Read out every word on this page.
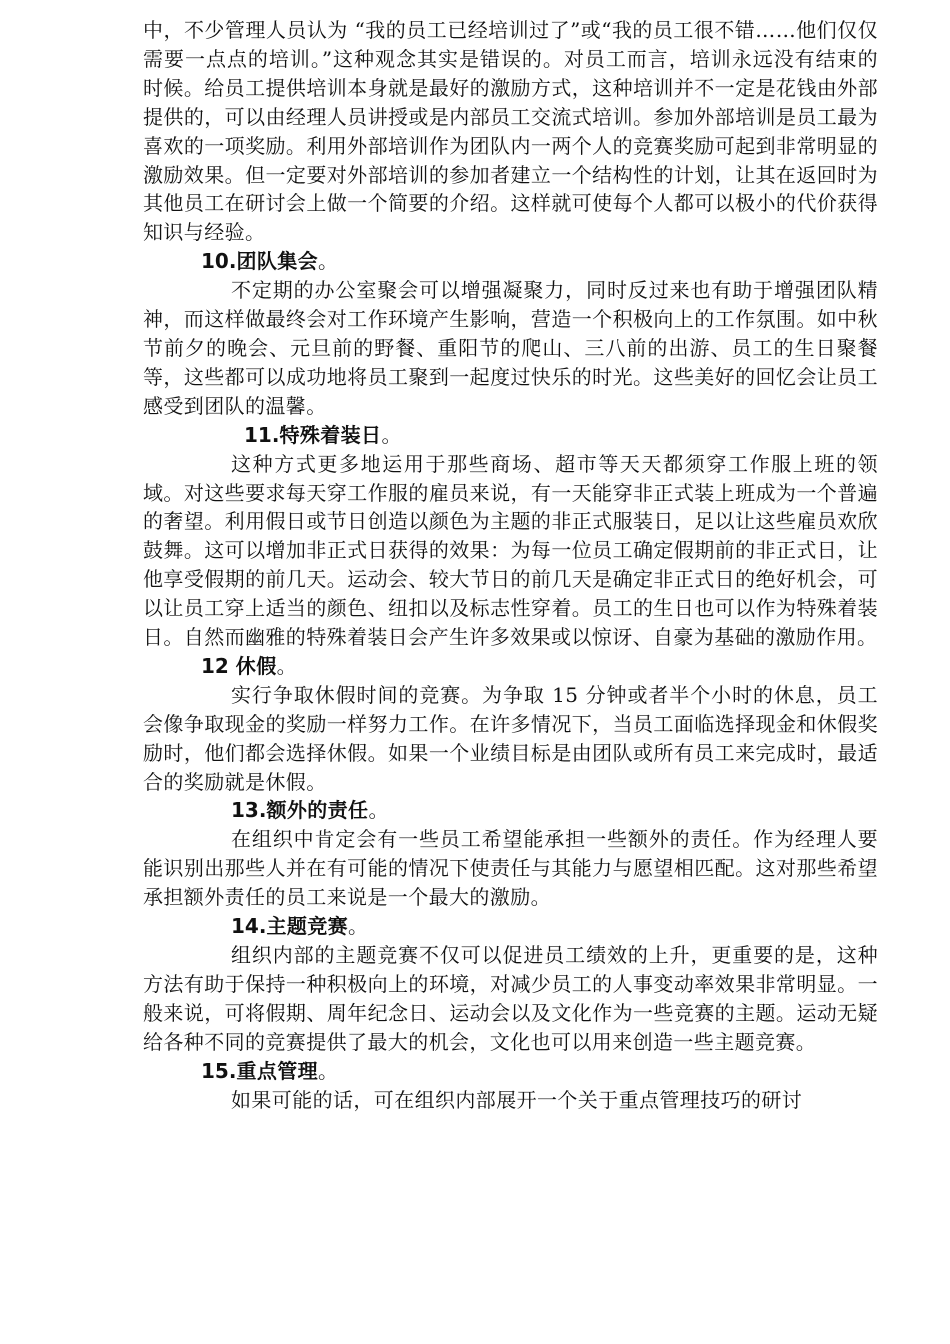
中，不少管理人员认为 “我的员工已经培训过了”或“我的员工很不错……他们仅仅需要一点点的培训。”这种观念其实是错误的。对员工而言，培训永远没有结束的时候。给员工提供培训本身就是最好的激励方式，这种培训并不一定是花钱由外部提供的，可以由经理人员讲授或是内部员工交流式培训。参加外部培训是员工最为喜欢的一项奖励。利用外部培训作为团队内一两个人的竞赛奖励可起到非常明显的激励效果。但一定要对外部培训的参加者建立一个结构性的计划，让其在返回时为其他员工在研讨会上做一个简要的介绍。这样就可使每个人都可以极小的代价获得知识与经验。

10.团队集会。

不定期的办公室聚会可以增强凝聚力，同时反过来也有助于增强团队精神，而这样做最终会对工作环境产生影响，营造一个积极向上的工作氛围。如中秋节前夕的晚会、元旦前的野餐、重阳节的爬山、三八前的出游、员工的生日聚餐等，这些都可以成功地将员工聚到一起度过快乐的时光。这些美好的回忆会让员工感受到团队的温馨。

11.特殊着装日。

这种方式更多地运用于那些商场、超市等天天都须穿工作服上班的领域。对这些要求每天穿工作服的雇员来说，有一天能穿非正式装上班成为一个普遍的奢望。利用假日或节日创造以颜色为主题的非正式服装日，足以让这些雇员欢欣鼓舞。这可以增加非正式日获得的效果：为每一位员工确定假期前的非正式日，让他享受假期的前几天。运动会、较大节日的前几天是确定非正式日的绝好机会，可以让员工穿上适当的颜色、纽扣以及标志性穿着。员工的生日也可以作为特殊着装日。自然而幽雅的特殊着装日会产生许多效果或以惊讶、自豪为基础的激励作用。

12 休假。

实行争取休假时间的竞赛。为争取 15 分钟或者半个小时的休息，员工会像争取现金的奖励一样努力工作。在许多情况下，当员工面临选择现金和休假奖励时，他们都会选择休假。如果一个业绩目标是由团队或所有员工来完成时，最适合的奖励就是休假。

13.额外的责任。

在组织中肯定会有一些员工希望能承担一些额外的责任。作为经理人要能识别出那些人并在有可能的情况下使责任与其能力与愿望相匹配。这对那些希望承担额外责任的员工来说是一个最大的激励。

14.主题竞赛。

组织内部的主题竞赛不仅可以促进员工绩效的上升，更重要的是，这种方法有助于保持一种积极向上的环境，对减少员工的人事变动率效果非常明显。一般来说，可将假期、周年纪念日、运动会以及文化作为一些竞赛的主题。运动无疑给各种不同的竞赛提供了最大的机会，文化也可以用来创造一些主题竞赛。

15.重点管理。

如果可能的话，可在组织内部展开一个关于重点管理技巧的研讨
